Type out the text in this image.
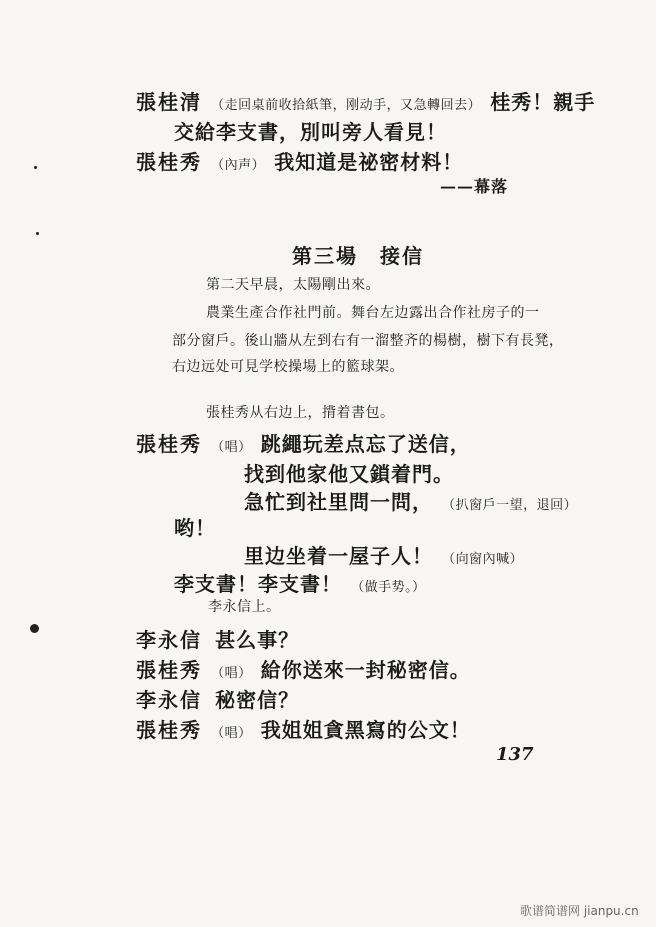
張桂清 （走回桌前收拾紙筆，刚动手，又急轉回去） 桂秀！親手
交給李支書，別叫旁人看見！
張桂秀 （內声） 我知道是祕密材料！
——幕落
第三場　接信
第二天早晨，太陽剛出來。
農業生產合作社門前。舞台左边露出合作社房子的一
部分窗戶。後山牆从左到右有一溜整齐的楊樹，樹下有長凳，
右边远处可見学校操場上的籃球架。
張桂秀从右边上，揹着書包。
張桂秀 （唱） 跳繩玩差点忘了送信，
找到他家他又鎖着門。
急忙到社里問一問， （扒窗戶一望，退回）
哟！
里边坐着一屋子人！ （向窗內喊）
李支書！李支書！ （做手势。）
李永信上。
李永信 甚么事？
張桂秀 （唱） 給你送來一封秘密信。
李永信 秘密信？
張桂秀 （唱） 我姐姐貪黑寫的公文！
137
歌谱简谱网 jianpu.cn
